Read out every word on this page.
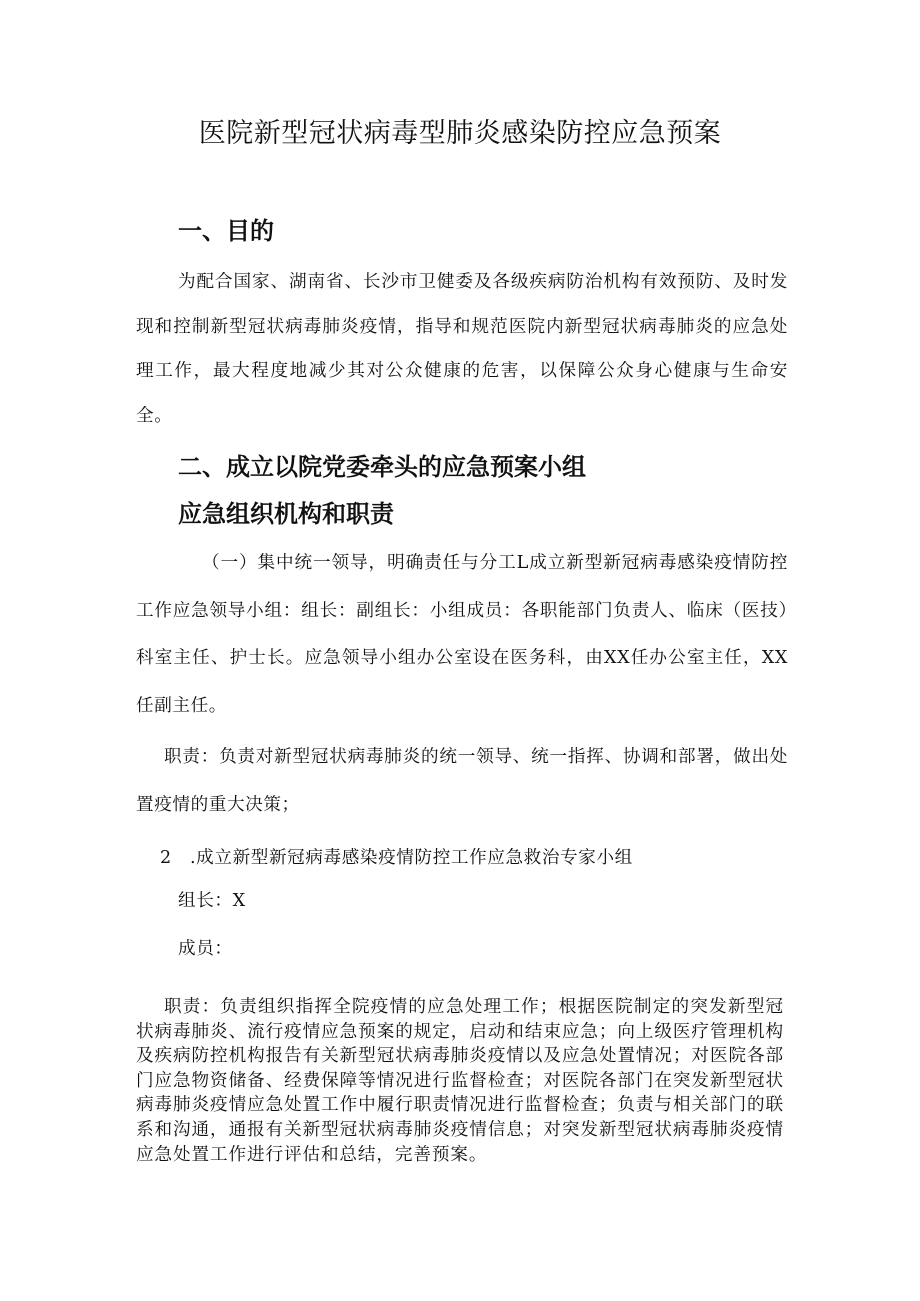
医院新型冠状病毒型肺炎感染防控应急预案
一、目的
为配合国家、湖南省、长沙市卫健委及各级疾病防治机构有效预防、及时发现和控制新型冠状病毒肺炎疫情，指导和规范医院内新型冠状病毒肺炎的应急处理工作，最大程度地减少其对公众健康的危害，以保障公众身心健康与生命安全。
二、成立以院党委牵头的应急预案小组
应急组织机构和职责
（一）集中统一领导，明确责任与分工L成立新型新冠病毒感染疫情防控工作应急领导小组：组长：副组长：小组成员：各职能部门负责人、临床（医技）科室主任、护士长。应急领导小组办公室设在医务科，由XX任办公室主任，XX任副主任。
职责：负责对新型冠状病毒肺炎的统一领导、统一指挥、协调和部署，做出处置疫情的重大决策；
2　.成立新型新冠病毒感染疫情防控工作应急救治专家小组
组长：X
成员：
职责：负责组织指挥全院疫情的应急处理工作；根据医院制定的突发新型冠状病毒肺炎、流行疫情应急预案的规定，启动和结束应急；向上级医疗管理机构及疾病防控机构报告有关新型冠状病毒肺炎疫情以及应急处置情况；对医院各部门应急物资储备、经费保障等情况进行监督检查；对医院各部门在突发新型冠状病毒肺炎疫情应急处置工作中履行职责情况进行监督检查；负责与相关部门的联系和沟通，通报有关新型冠状病毒肺炎疫情信息；对突发新型冠状病毒肺炎疫情应急处置工作进行评估和总结，完善预案。
